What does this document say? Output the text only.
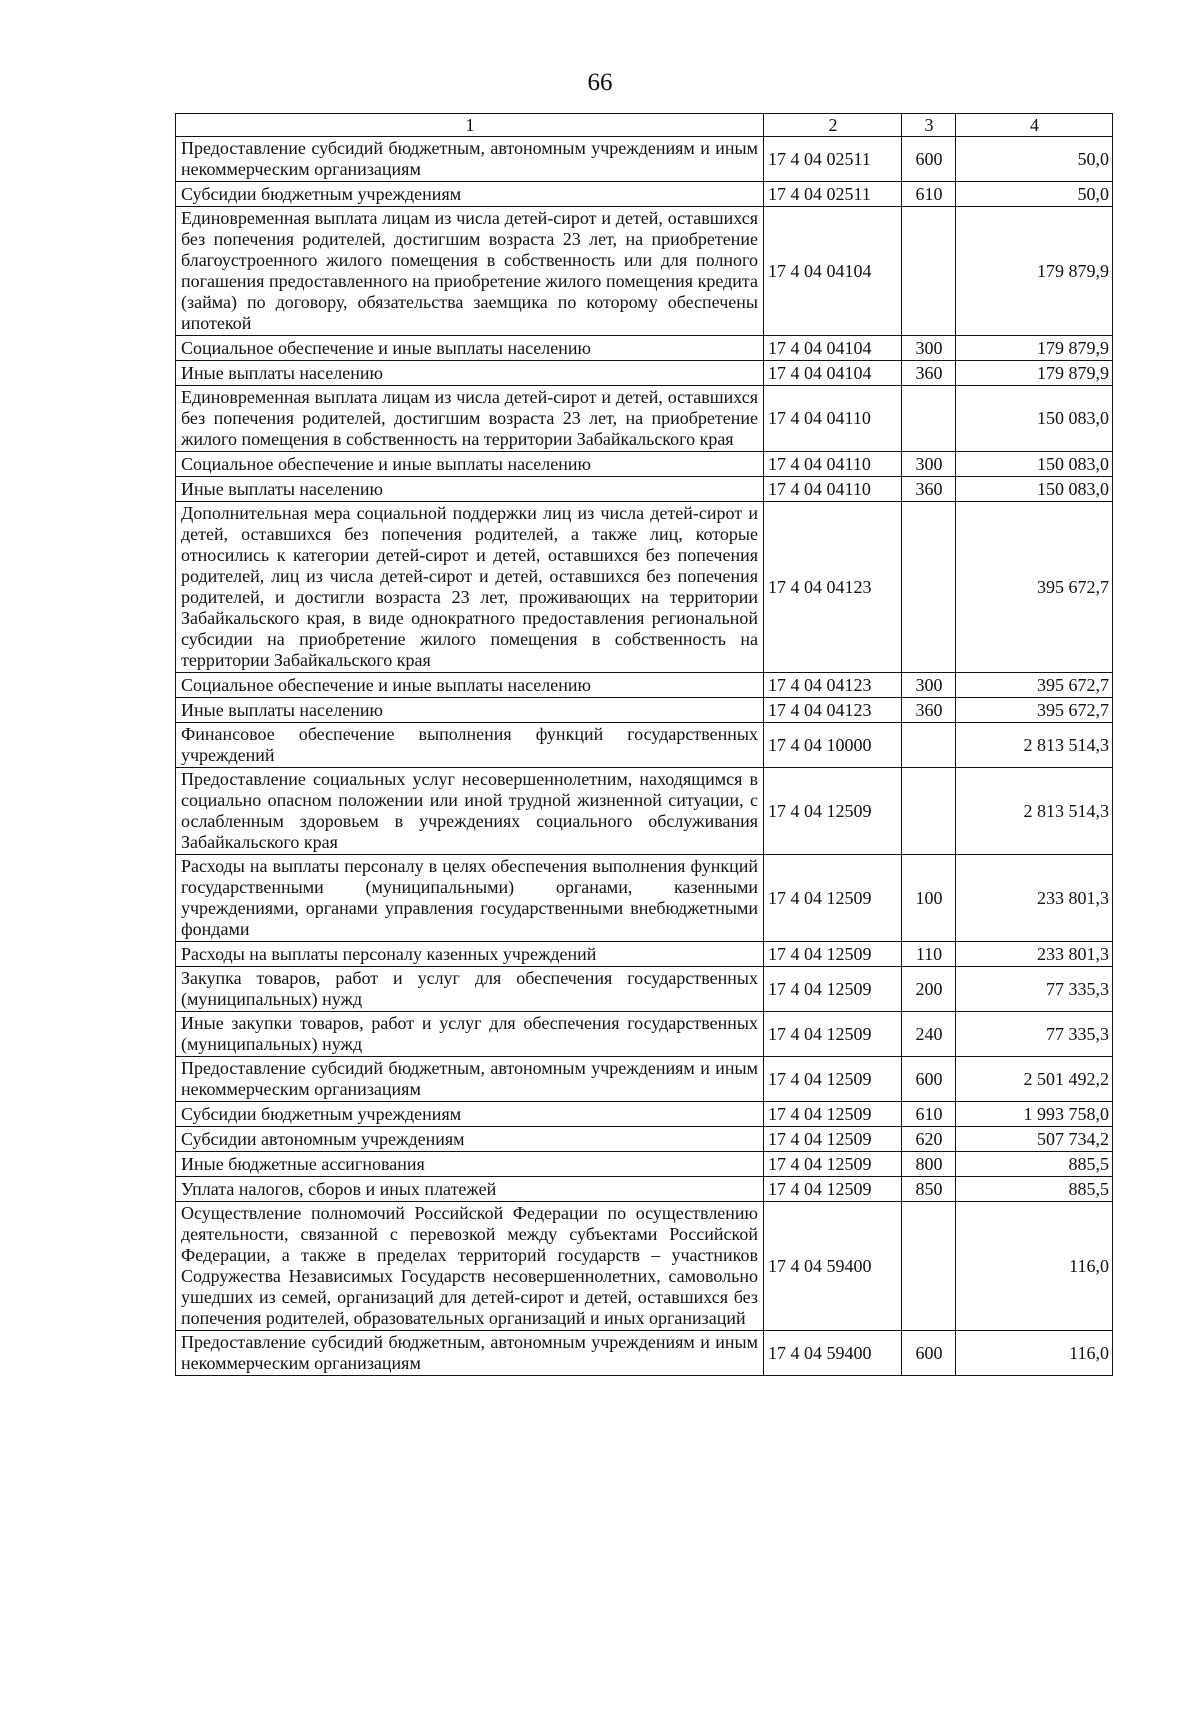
66
1	2	3	4
Предоставление субсидий бюджетным, автономным учреждениям и иным некоммерческим организациям	17 4 04 02511	600	50,0
Субсидии бюджетным учреждениям	17 4 04 02511	610	50,0
Единовременная выплата лицам из числа детей-сирот и детей, оставшихся без попечения родителей, достигшим возраста 23 лет, на приобретение благоустроенного жилого помещения в собственность или для полного погашения предоставленного на приобретение жилого помещения кредита (займа) по договору, обязательства заемщика по которому обеспечены ипотекой	17 4 04 04104		179 879,9
Социальное обеспечение и иные выплаты населению	17 4 04 04104	300	179 879,9
Иные выплаты населению	17 4 04 04104	360	179 879,9
Единовременная выплата лицам из числа детей-сирот и детей, оставшихся без попечения родителей, достигшим возраста 23 лет, на приобретение жилого помещения в собственность на территории Забайкальского края	17 4 04 04110		150 083,0
Социальное обеспечение и иные выплаты населению	17 4 04 04110	300	150 083,0
Иные выплаты населению	17 4 04 04110	360	150 083,0
Дополнительная мера социальной поддержки лиц из числа детей-сирот и детей, оставшихся без попечения родителей, а также лиц, которые относились к категории детей-сирот и детей, оставшихся без попечения родителей, лиц из числа детей-сирот и детей, оставшихся без попечения родителей, и достигли возраста 23 лет, проживающих на территории Забайкальского края, в виде однократного предоставления региональной субсидии на приобретение жилого помещения в собственность на территории Забайкальского края	17 4 04 04123		395 672,7
Социальное обеспечение и иные выплаты населению	17 4 04 04123	300	395 672,7
Иные выплаты населению	17 4 04 04123	360	395 672,7
Финансовое обеспечение выполнения функций государственных учреждений	17 4 04 10000		2 813 514,3
Предоставление социальных услуг несовершеннолетним, находящимся в социально опасном положении или иной трудной жизненной ситуации, с ослабленным здоровьем в учреждениях социального обслуживания Забайкальского края	17 4 04 12509		2 813 514,3
Расходы на выплаты персоналу в целях обеспечения выполнения функций государственными (муниципальными) органами, казенными учреждениями, органами управления государственными внебюджетными фондами	17 4 04 12509	100	233 801,3
Расходы на выплаты персоналу казенных учреждений	17 4 04 12509	110	233 801,3
Закупка товаров, работ и услуг для обеспечения государственных (муниципальных) нужд	17 4 04 12509	200	77 335,3
Иные закупки товаров, работ и услуг для обеспечения государственных (муниципальных) нужд	17 4 04 12509	240	77 335,3
Предоставление субсидий бюджетным, автономным учреждениям и иным некоммерческим организациям	17 4 04 12509	600	2 501 492,2
Субсидии бюджетным учреждениям	17 4 04 12509	610	1 993 758,0
Субсидии автономным учреждениям	17 4 04 12509	620	507 734,2
Иные бюджетные ассигнования	17 4 04 12509	800	885,5
Уплата налогов, сборов и иных платежей	17 4 04 12509	850	885,5
Осуществление полномочий Российской Федерации по осуществлению деятельности, связанной с перевозкой между субъектами Российской Федерации, а также в пределах территорий государств – участников Содружества Независимых Государств несовершеннолетних, самовольно ушедших из семей, организаций для детей-сирот и детей, оставшихся без попечения родителей, образовательных организаций и иных организаций	17 4 04 59400		116,0
Предоставление субсидий бюджетным, автономным учреждениям и иным некоммерческим организациям	17 4 04 59400	600	116,0
